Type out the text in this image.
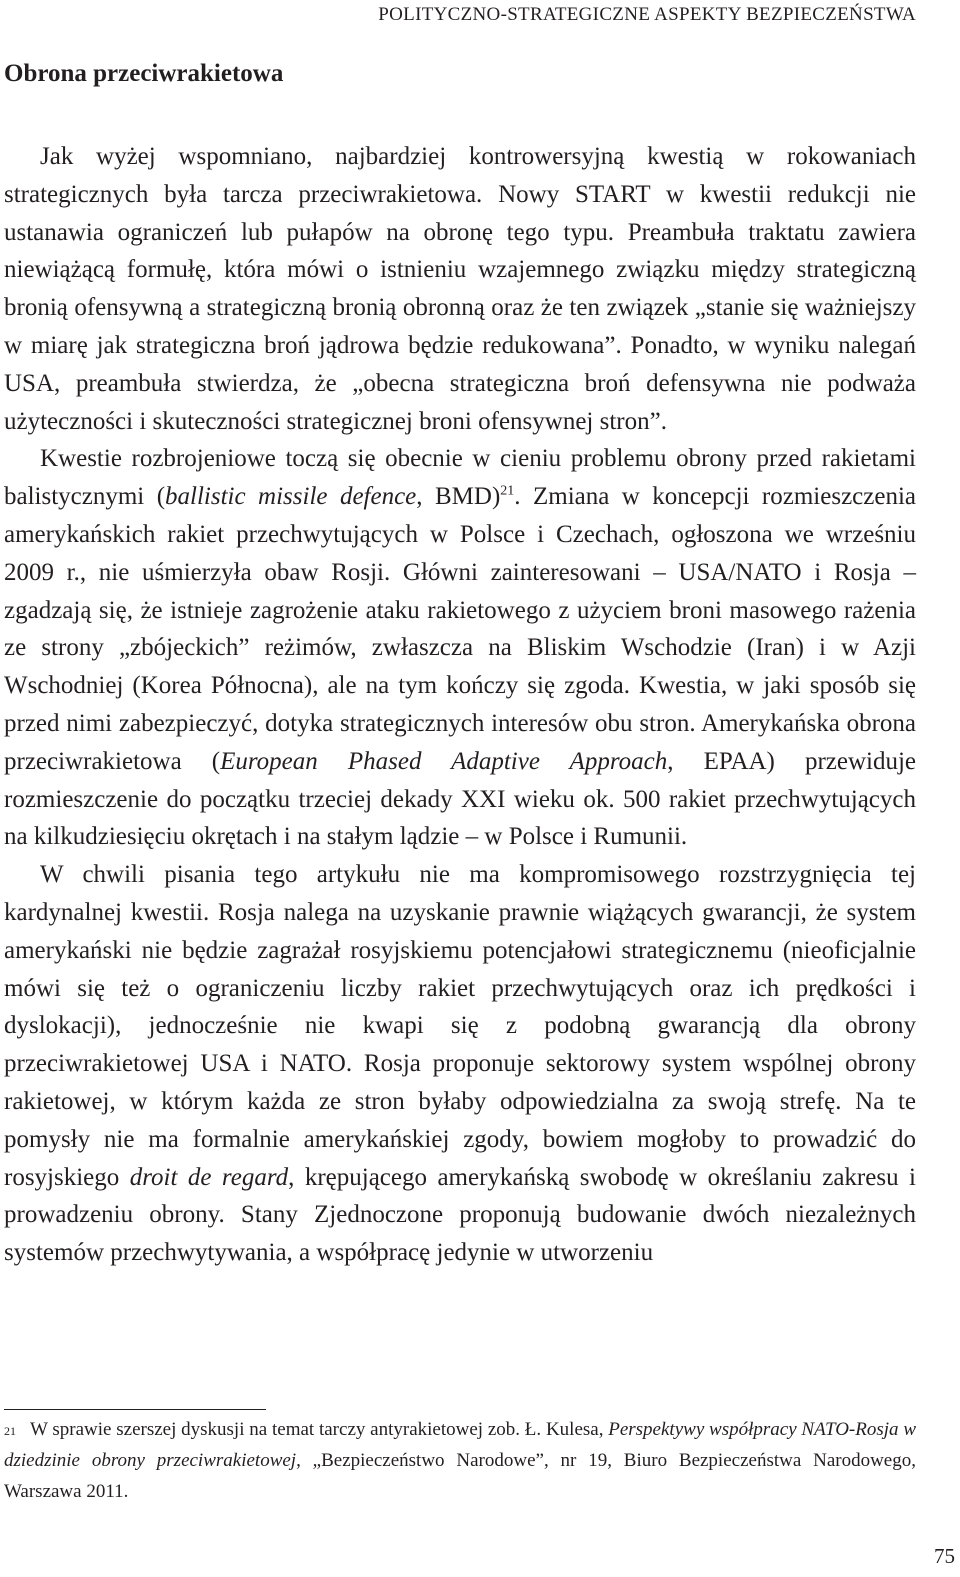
POLITYCZNO-STRATEGICZNE ASPEKTY BEZPIECZEŃSTWA
Obrona przeciwrakietowa

Jak wyżej wspomniano, najbardziej kontrowersyjną kwestią w rokowaniach strategicznych była tarcza przeciwrakietowa. Nowy START w kwestii redukcji nie ustanawia ograniczeń lub pułapów na obronę tego typu. Preambuła traktatu zawiera niewiążącą formułę, która mówi o istnieniu wzajemnego związku między strategiczną bronią ofensywną a strategiczną bronią obronną oraz że ten związek „stanie się ważniejszy w miarę jak strategiczna broń jądrowa będzie redukowana”. Ponadto, w wyniku nalegań USA, preambuła stwierdza, że „obecna strategiczna broń defensywna nie podważa użyteczności i skuteczności strategicznej broni ofensywnej stron”.

Kwestie rozbrojeniowe toczą się obecnie w cieniu problemu obrony przed rakietami balistycznymi (ballistic missile defence, BMD)$^{21}$. Zmiana w koncepcji rozmieszczenia amerykańskich rakiet przechwytujących w Polsce i Czechach, ogłoszona we wrześniu 2009 r., nie uśmierzyła obaw Rosji. Główni zainteresowani – USA/NATO i Rosja – zgadzają się, że istnieje zagrożenie ataku rakietowego z użyciem broni masowego rażenia ze strony „zbójeckich” reżimów, zwłaszcza na Bliskim Wschodzie (Iran) i w Azji Wschodniej (Korea Północna), ale na tym kończy się zgoda. Kwestia, w jaki sposób się przed nimi zabezpieczyć, dotyka strategicznych interesów obu stron. Amerykańska obrona przeciwrakietowa (European Phased Adaptive Approach, EPAA) przewiduje rozmieszczenie do początku trzeciej dekady XXI wieku ok. 500 rakiet przechwytujących na kilkudziesięciu okrętach i na stałym lądzie – w Polsce i Rumunii.

W chwili pisania tego artykułu nie ma kompromisowego rozstrzygnięcia tej kardynalnej kwestii. Rosja nalega na uzyskanie prawnie wiążących gwarancji, że system amerykański nie będzie zagrażał rosyjskiemu potencjałowi strategicznemu (nieoficjalnie mówi się też o ograniczeniu liczby rakiet przechwytujących oraz ich prędkości i dyslokacji), jednocześnie nie kwapi się z podobną gwarancją dla obrony przeciwrakietowej USA i NATO. Rosja proponuje sektorowy system wspólnej obrony rakietowej, w którym każda ze stron byłaby odpowiedzialna za swoją strefę. Na te pomysły nie ma formalnie amerykańskiej zgody, bowiem mogłoby to prowadzić do rosyjskiego droit de regard, krępującego amerykańską swobodę w określaniu zakresu i prowadzeniu obrony. Stany Zjednoczone proponują budowanie dwóch niezależnych systemów przechwytywania, a współpracę jedynie w utworzeniu

$^{21}$ W sprawie szerszej dyskusji na temat tarczy antyrakietowej zob. Ł. Kulesa, Perspektywy współpracy NATO-Rosja w dziedzinie obrony przeciwrakietowej, „Bezpieczeństwo Narodowe”, nr 19, Biuro Bezpieczeństwa Narodowego, Warszawa 2011.

75
